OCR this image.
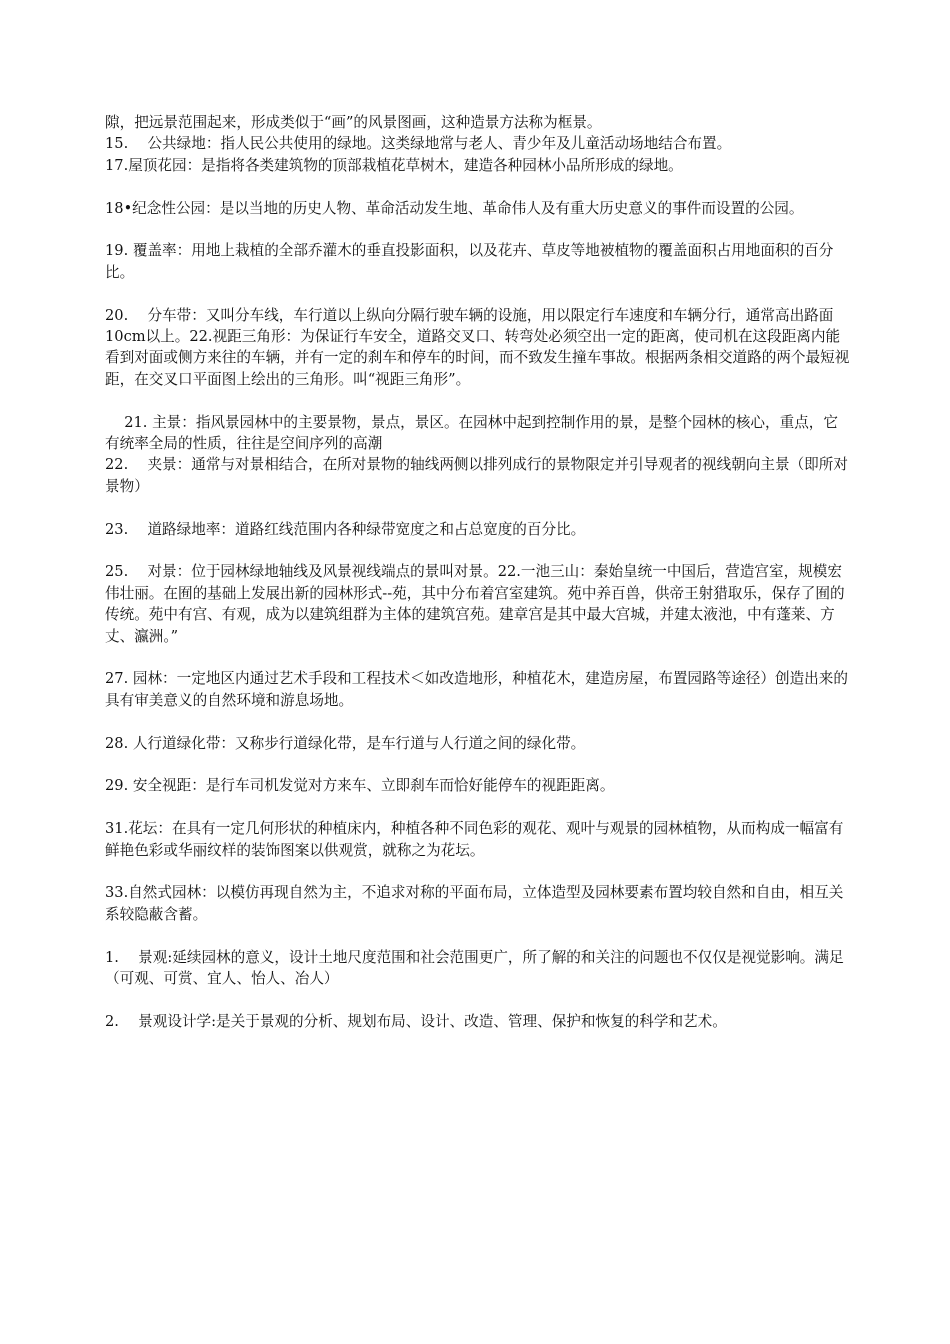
隙，把远景范围起来，形成类似于“画”的风景图画，这种造景方法称为框景。

15.　 公共绿地：指人民公共使用的绿地。这类绿地常与老人、青少年及儿童活动场地结合布置。

17.屋顶花园：是指将各类建筑物的顶部栽植花草树木，建造各种园林小品所形成的绿地。

18•纪念性公园：是以当地的历史人物、革命活动发生地、革命伟人及有重大历史意义的事件而设置的公园。

19. 覆盖率：用地上栽植的全部乔灌木的垂直投影面积，以及花卉、草皮等地被植物的覆盖面积占用地面积的百分比。

20.　 分车带：又叫分车线，车行道以上纵向分隔行驶车辆的设施，用以限定行车速度和车辆分行，通常高出路面10cm以上。22.视距三角形：为保证行车安全，道路交叉口、转弯处必须空出一定的距离，使司机在这段距离内能看到对面或侧方来往的车辆，并有一定的刹车和停车的时间，而不致发生撞车事故。根据两条相交道路的两个最短视距，在交叉口平面图上绘出的三角形。叫“视距三角形”。

　 21. 主景：指风景园林中的主要景物，景点，景区。在园林中起到控制作用的景，是整个园林的核心，重点，它有统率全局的性质，往往是空间序列的高潮

22.　 夹景：通常与对景相结合，在所对景物的轴线两侧以排列成行的景物限定并引导观者的视线朝向主景（即所对景物）

23.　 道路绿地率：道路红线范围内各种绿带宽度之和占总宽度的百分比。

25.　 对景：位于园林绿地轴线及风景视线端点的景叫对景。22.一池三山：秦始皇统一中国后，营造宫室，规模宏伟壮丽。在囿的基础上发展出新的园林形式--苑，其中分布着宫室建筑。苑中养百兽，供帝王射猎取乐，保存了囿的传统。苑中有宫、有观，成为以建筑组群为主体的建筑宫苑。建章宫是其中最大宫城，并建太液池，中有蓬莱、方丈、瀛洲。”

27. 园林：一定地区内通过艺术手段和工程技术＜如改造地形，种植花木，建造房屋，布置园路等途径）创造出来的具有审美意义的自然环境和游息场地。

28. 人行道绿化带：又称步行道绿化带，是车行道与人行道之间的绿化带。

29. 安全视距：是行车司机发觉对方来车、立即刹车而恰好能停车的视距距离。

31.花坛：在具有一定几何形状的种植床内，种植各种不同色彩的观花、观叶与观景的园林植物，从而构成一幅富有鲜艳色彩或华丽纹样的装饰图案以供观赏，就称之为花坛。

33.自然式园林：以模仿再现自然为主，不追求对称的平面布局，立体造型及园林要素布置均较自然和自由，相互关系较隐蔽含蓄。

1.　 景观:延续园林的意义，设计土地尺度范围和社会范围更广，所了解的和关注的问题也不仅仅是视觉影响。满足（可观、可赏、宜人、怡人、冶人）

2.　 景观设计学:是关于景观的分析、规划布局、设计、改造、管理、保护和恢复的科学和艺术。
